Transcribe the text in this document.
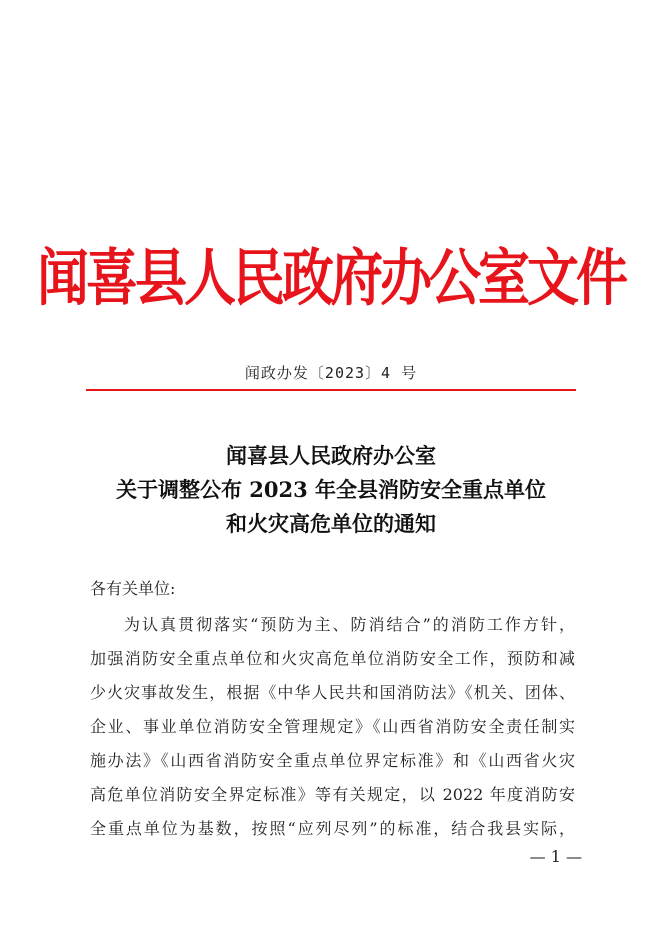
闻喜县人民政府办公室文件
闻政办发〔2023〕4 号
闻喜县人民政府办公室
关于调整公布 2023 年全县消防安全重点单位
和火灾高危单位的通知
各有关单位:
为认真贯彻落实“预防为主、防消结合”的消防工作方针，
加强消防安全重点单位和火灾高危单位消防安全工作，预防和减
少火灾事故发生，根据《中华人民共和国消防法》《机关、团体、
企业、事业单位消防安全管理规定》《山西省消防安全责任制实
施办法》《山西省消防安全重点单位界定标准》和《山西省火灾
高危单位消防安全界定标准》等有关规定，以 2022 年度消防安
全重点单位为基数，按照“应列尽列”的标准，结合我县实际，
— 1 —
